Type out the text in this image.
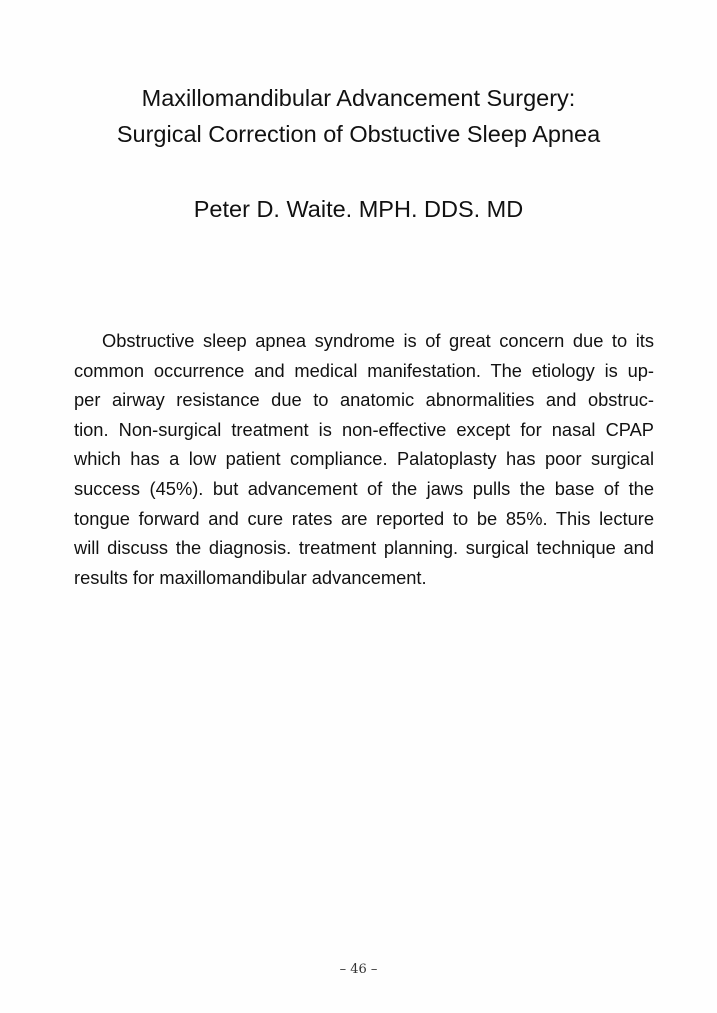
Maxillomandibular Advancement Surgery:
Surgical Correction of Obstuctive Sleep Apnea
Peter D. Waite. MPH. DDS. MD

Obstructive sleep apnea syndrome is of great concern due to its
common occurrence and medical manifestation. The etiology is up-
per airway resistance due to anatomic abnormalities and obstruc-
tion. Non-surgical treatment is non-effective except for nasal CPAP
which has a low patient compliance. Palatoplasty has poor surgical
success (45%). but advancement of the jaws pulls the base of the
tongue forward and cure rates are reported to be 85%. This lecture
will discuss the diagnosis. treatment planning. surgical technique and
results for maxillomandibular advancement.

– 46 –
